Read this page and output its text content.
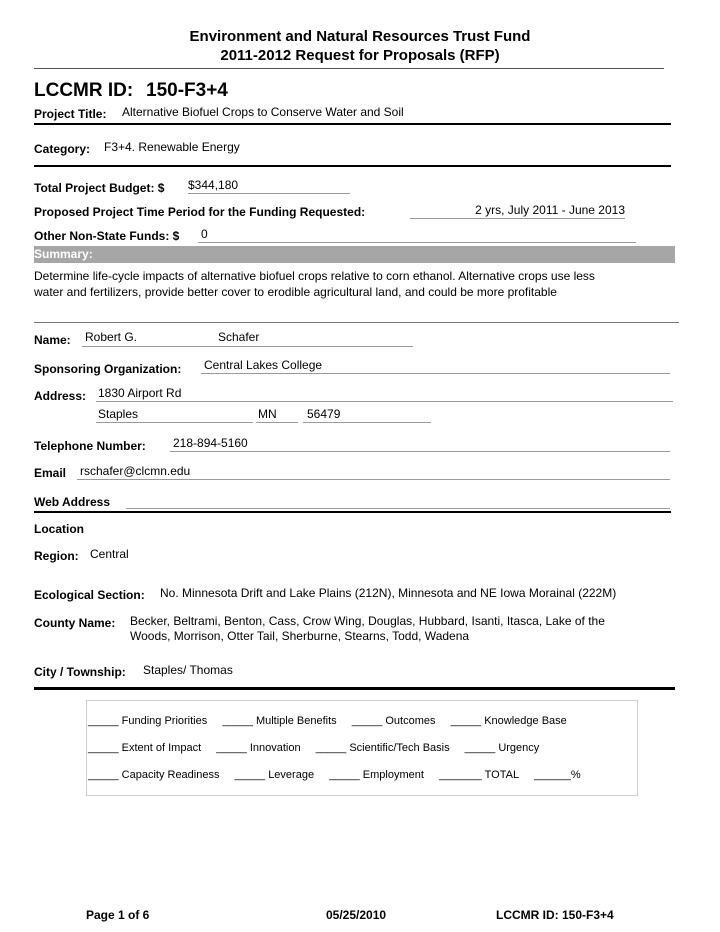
Environment and Natural Resources Trust Fund
2011-2012 Request for Proposals (RFP)
LCCMR ID: 150-F3+4
Project Title: Alternative Biofuel Crops to Conserve Water and Soil
Category: F3+4. Renewable Energy
Total Project Budget: $ $344,180
Proposed Project Time Period for the Funding Requested:	2 yrs, July 2011 - June 2013
Other Non-State Funds: $ 0
Summary:
Determine life-cycle impacts of alternative biofuel crops relative to corn ethanol. Alternative crops use less
water and fertilizers, provide better cover to erodible agricultural land, and could be more profitable
Name: Robert G.	Schafer
Sponsoring Organization: Central Lakes College
Address: 1830 Airport Rd
Staples	MN	56479
Telephone Number: 218-894-5160
Email rschafer@clcmn.edu
Web Address
Location
Region: Central
Ecological Section: No. Minnesota Drift and Lake Plains (212N), Minnesota and NE Iowa Morainal (222M)
County Name: Becker, Beltrami, Benton, Cass, Crow Wing, Douglas, Hubbard, Isanti, Itasca, Lake of the
Woods, Morrison, Otter Tail, Sherburne, Stearns, Todd, Wadena
City / Township: Staples/ Thomas
_____ Funding Priorities _____ Multiple Benefits _____ Outcomes _____ Knowledge Base
_____ Extent of Impact _____ Innovation _____ Scientific/Tech Basis _____ Urgency
_____ Capacity Readiness _____ Leverage _____ Employment _______ TOTAL ______%
Page 1 of 6	05/25/2010	LCCMR ID: 150-F3+4
